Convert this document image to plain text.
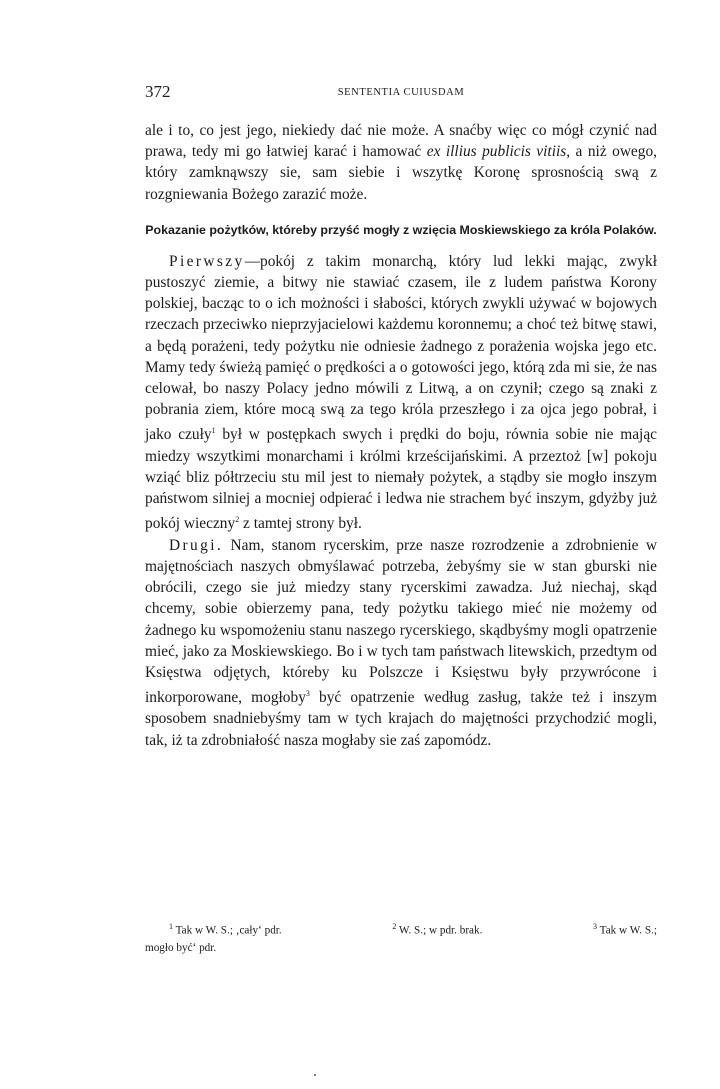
372	SENTENTIA CUIUSDAM

ale i to, co jest jego, niekiedy dać nie może. A snaćby więc co mógł czynić nad prawa, tedy mi go łatwiej karać i hamować ex illius publicis vitiis, a niż owego, który zamknąwszy sie, sam siebie i wszytkę Koronę sprosnością swą z rozgniewania Bożego zarazić może.

Pokazanie pożytków, któreby przyść mogły z wzięcia Moskiewskiego za króla Polaków.

Pierwszy—pokój z takim monarchą, który lud lekki mając, zwykł pustoszyć ziemie, a bitwy nie stawiać czasem, ile z ludem państwa Korony polskiej, bacząc to o ich możności i słabości, których zwykli używać w bojowych rzeczach przeciwko nieprzyjacielowi każdemu koronnemu; a choć też bitwę stawi, a będą porażeni, tedy pożytku nie odniesie żadnego z porażenia wojska jego etc. Mamy tedy świeżą pamięć o prędkości a o gotowości jego, którą zda mi sie, że nas celował, bo naszy Polacy jedno mówili z Litwą, a on czynił; czego są znaki z pobrania ziem, które mocą swą za tego króla przeszłego i za ojca jego pobrał, i jako czuły$^1$ był w postępkach swych i prędki do boju, równia sobie nie mając miedzy wszytkimi monarchami i królmi krześcijańskimi. A przeztoż [w] pokoju wziąć bliz półtrzeciu stu mil jest to niemały pożytek, a stądby sie mogło inszym państwom silniej a mocniej odpierać i ledwa nie strachem być inszym, gdyżby już pokój wieczny$^2$ z tamtej strony był.

Drugi. Nam, stanom rycerskim, prze nasze rozrodzenie a zdrobnienie w majętnościach naszych obmyślawać potrzeba, żebyśmy sie w stan gburski nie obrócili, czego sie już miedzy stany rycerskimi zawadza. Już niechaj, skąd chcemy, sobie obierzemy pana, tedy pożytku takiego mieć nie możemy od żadnego ku wspomożeniu stanu naszego rycerskiego, skądbyśmy mogli opatrzenie mieć, jako za Moskiewskiego. Bo i w tych tam państwach litewskich, przedtym od Księstwa odjętych, któreby ku Polszcze i Księstwu były przywrócone i inkorporowane, mogłoby$^3$ być opatrzenie według zasług, także też i inszym sposobem snadniebyśmy tam w tych krajach do majętności przychodzić mogli, tak, iż ta zdrobniałość nasza mogłaby sie zaś zapomódz.

$^1$ Tak w W. S.; ‚cały‘ pdr.	$^2$ W. S.; w pdr. brak.	$^3$ Tak w W. S.;
mogło być‘ pdr.
